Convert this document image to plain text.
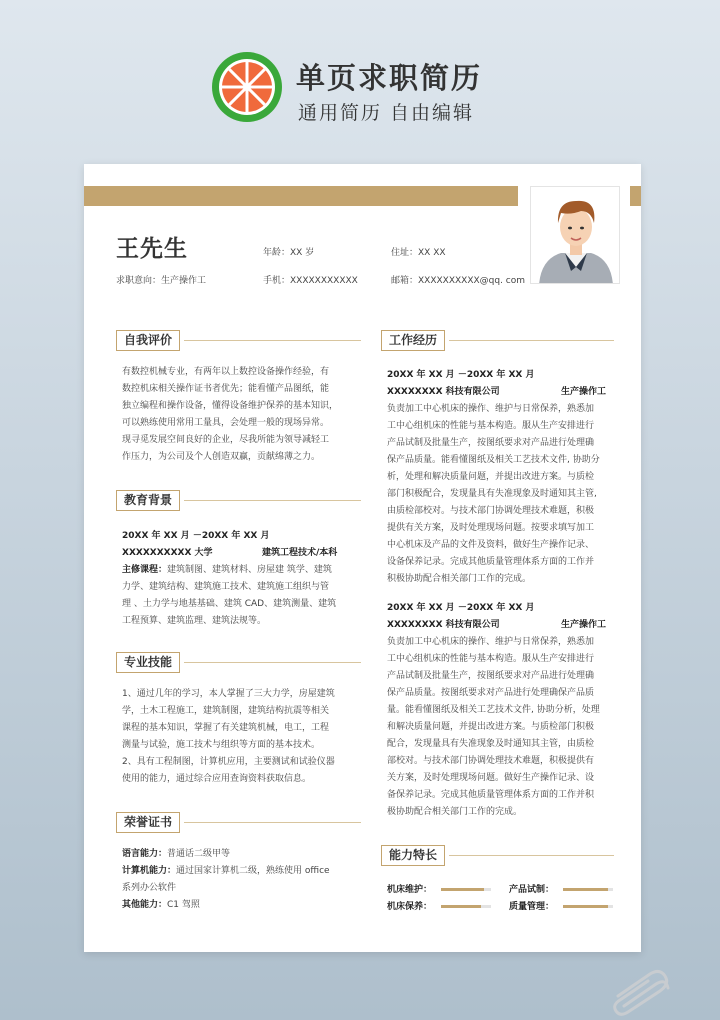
单页求职简历
通用简历 自由编辑
王先生
求职意向：生产操作工
年龄：XX 岁
手机：XXXXXXXXXXX
住址：XX XX
邮箱：XXXXXXXXXX@qq. com
自我评价
有数控机械专业，有两年以上数控设备操作经验，有
数控机床相关操作证书者优先；能看懂产品图纸，能
独立编程和操作设备，懂得设备维护保养的基本知识，
可以熟练使用常用工量具，会处理一般的现场异常。
现寻觅发展空间良好的企业，尽我所能为领导减轻工
作压力，为公司及个人创造双赢，贡献绵薄之力。
教育背景
20XX 年 XX 月 －20XX 年 XX 月
XXXXXXXXXX 大学	建筑工程技术/本科
主修课程：建筑制图、建筑材料、房屋建 筑学、建筑
力学、建筑结构、建筑施工技术、建筑施工组织与管
理 、土力学与地基基础、建筑 CAD、建筑测量、建筑
工程预算、建筑监理、建筑法规等。
专业技能
1、通过几年的学习，本人掌握了三大力学，房屋建筑
学，土木工程施工，建筑制图，建筑结构抗震等相关
课程的基本知识，掌握了有关建筑机械，电工，工程
测量与试验，施工技术与组织等方面的基本技术。
2、具有工程制图，计算机应用，主要测试和试验仪器
使用的能力，通过综合应用查询资料获取信息。
荣誉证书
语言能力：普通话二级甲等
计算机能力：通过国家计算机二级，熟练使用 office
系列办公软件
其他能力：C1 驾照
工作经历
20XX 年 XX 月 －20XX 年 XX 月
XXXXXXXX 科技有限公司	生产操作工
负责加工中心机床的操作、维护与日常保养，熟悉加
工中心组机床的性能与基本构造。服从生产安排进行
产品试制及批量生产，按图纸要求对产品进行处理确
保产品质量。能看懂图纸及相关工艺技术文件, 协助分
析，处理和解决质量问题，并提出改进方案。与质检
部门积极配合，发现量具有失准现象及时通知其主管,
由质检部校对。与技术部门协调处理技术难题，积极
提供有关方案，及时处理现场问题。按要求填写加工
中心机床及产品的文件及资料，做好生产操作记录、
设备保养记录。完成其他质量管理体系方面的工作并
积极协助配合相关部门工作的完成。
20XX 年 XX 月 －20XX 年 XX 月
XXXXXXXX 科技有限公司	生产操作工
负责加工中心机床的操作、维护与日常保养，熟悉加
工中心组机床的性能与基本构造。服从生产安排进行
产品试制及批量生产，按图纸要求对产品进行处理确
保产品质量。按图纸要求对产品进行处理确保产品质
量。能看懂图纸及相关工艺技术文件, 协助分析，处理
和解决质量问题，并提出改进方案。与质检部门积极
配合，发现量具有失准现象及时通知其主管，由质检
部校对。与技术部门协调处理技术难题，积极提供有
关方案，及时处理现场问题。做好生产操作记录、设
备保养记录。完成其他质量管理体系方面的工作并积
极协助配合相关部门工作的完成。
能力特长
机床维护：	产品试制：
机床保养：	质量管理：
